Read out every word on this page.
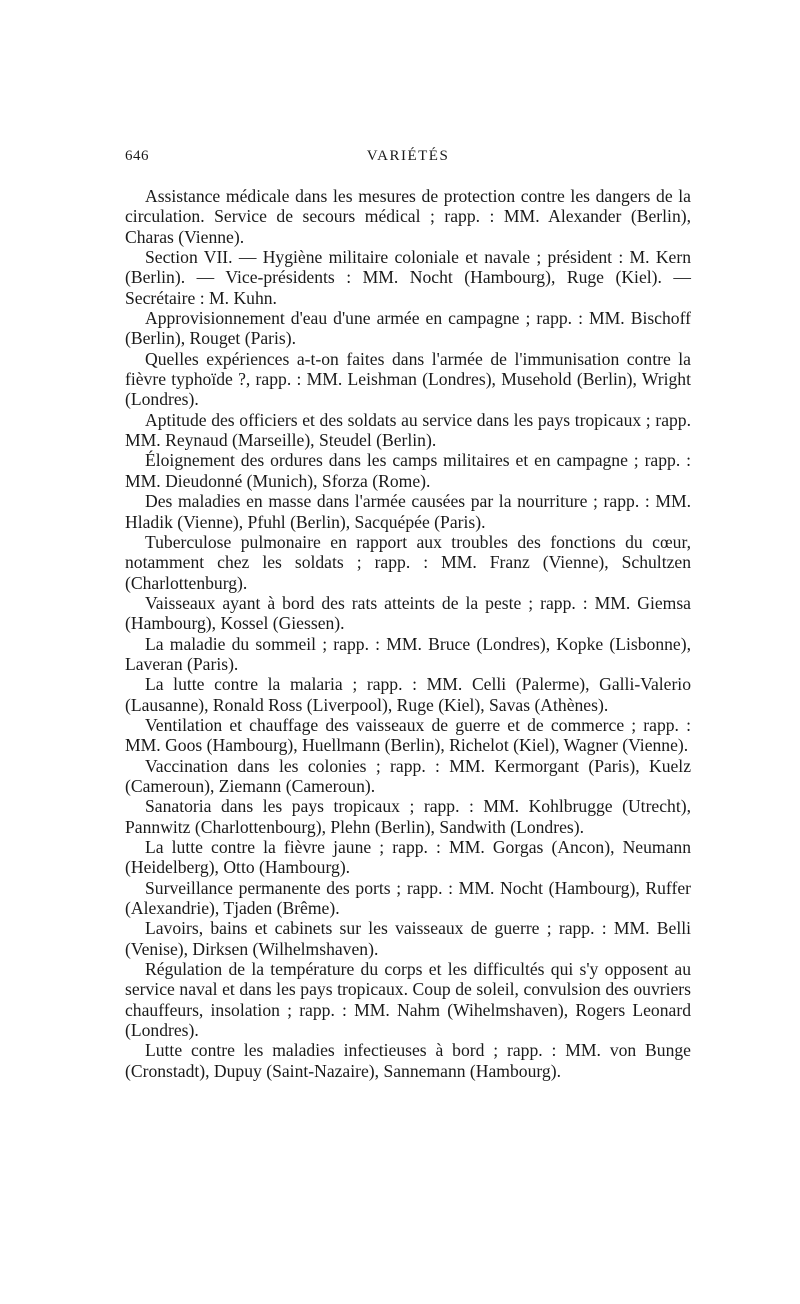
646	VARIÉTÉS

Assistance médicale dans les mesures de protection contre les dangers de la circulation. Service de secours médical ; rapp. : MM. Alexander (Berlin), Charas (Vienne).

Section VII. — Hygiène militaire coloniale et navale ; président : M. Kern (Berlin). — Vice-présidents : MM. Nocht (Hambourg), Ruge (Kiel). — Secrétaire : M. Kuhn.

Approvisionnement d'eau d'une armée en campagne ; rapp. : MM. Bischoff (Berlin), Rouget (Paris).

Quelles expériences a-t-on faites dans l'armée de l'immunisation contre la fièvre typhoïde ?, rapp. : MM. Leishman (Londres), Musehold (Berlin), Wright (Londres).

Aptitude des officiers et des soldats au service dans les pays tropicaux ; rapp. MM. Reynaud (Marseille), Steudel (Berlin).

Éloignement des ordures dans les camps militaires et en campagne ; rapp. : MM. Dieudonné (Munich), Sforza (Rome).

Des maladies en masse dans l'armée causées par la nourriture ; rapp. : MM. Hladik (Vienne), Pfuhl (Berlin), Sacquépée (Paris).

Tuberculose pulmonaire en rapport aux troubles des fonctions du cœur, notamment chez les soldats ; rapp. : MM. Franz (Vienne), Schultzen (Charlottenburg).

Vaisseaux ayant à bord des rats atteints de la peste ; rapp. : MM. Giemsa (Hambourg), Kossel (Giessen).

La maladie du sommeil ; rapp. : MM. Bruce (Londres), Kopke (Lisbonne), Laveran (Paris).

La lutte contre la malaria ; rapp. : MM. Celli (Palerme), Galli-Valerio (Lausanne), Ronald Ross (Liverpool), Ruge (Kiel), Savas (Athènes).

Ventilation et chauffage des vaisseaux de guerre et de commerce ; rapp. : MM. Goos (Hambourg), Huellmann (Berlin), Richelot (Kiel), Wagner (Vienne).

Vaccination dans les colonies ; rapp. : MM. Kermorgant (Paris), Kuelz (Cameroun), Ziemann (Cameroun).

Sanatoria dans les pays tropicaux ; rapp. : MM. Kohlbrugge (Utrecht), Pannwitz (Charlottenbourg), Plehn (Berlin), Sandwith (Londres).

La lutte contre la fièvre jaune ; rapp. : MM. Gorgas (Ancon), Neumann (Heidelberg), Otto (Hambourg).

Surveillance permanente des ports ; rapp. : MM. Nocht (Hambourg), Ruffer (Alexandrie), Tjaden (Brême).

Lavoirs, bains et cabinets sur les vaisseaux de guerre ; rapp. : MM. Belli (Venise), Dirksen (Wilhelmshaven).

Régulation de la température du corps et les difficultés qui s'y opposent au service naval et dans les pays tropicaux. Coup de soleil, convulsion des ouvriers chauffeurs, insolation ; rapp. : MM. Nahm (Wihelmshaven), Rogers Leonard (Londres).

Lutte contre les maladies infectieuses à bord ; rapp. : MM. von Bunge (Cronstadt), Dupuy (Saint-Nazaire), Sannemann (Hambourg).
